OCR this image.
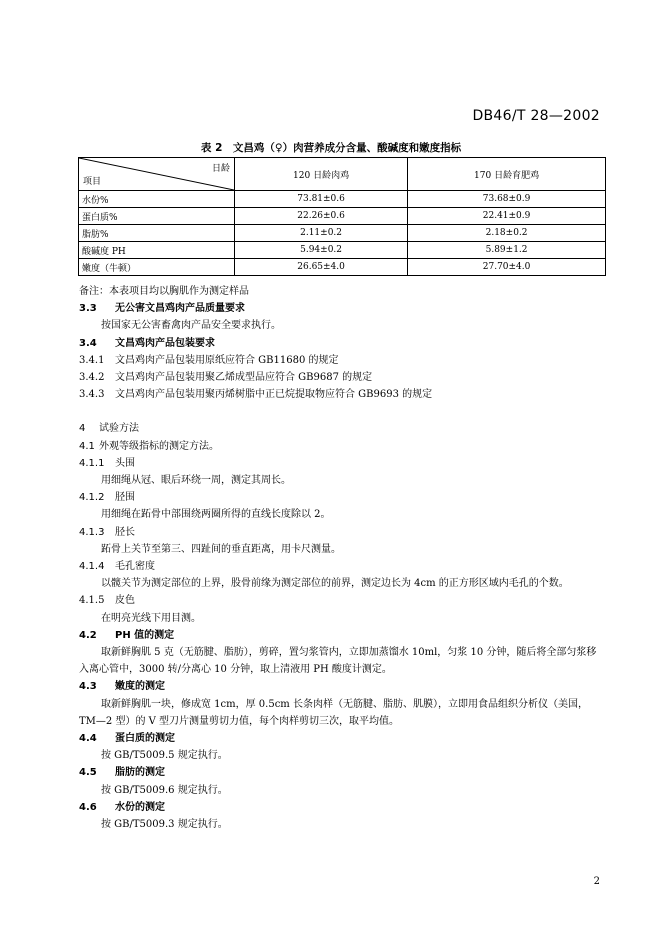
DB46/T 28—2002
表 2　文昌鸡（♀）肉营养成分含量、酸碱度和嫩度指标
日龄
项目	120 日龄肉鸡	170 日龄育肥鸡
水份%	73.81±0.6	73.68±0.9
蛋白质%	22.26±0.6	22.41±0.9
脂肪%	2.11±0.2	2.18±0.2
酸碱度 PH	5.94±0.2	5.89±1.2
嫩度（牛顿）	26.65±4.0	27.70±4.0

备注：本表项目均以胸肌作为测定样品

3.3 无公害文昌鸡肉产品质量要求

按国家无公害畜禽肉产品安全要求执行。

3.4 文昌鸡肉产品包装要求

3.4.1 文昌鸡肉产品包装用原纸应符合 GB11680 的规定

3.4.2 文昌鸡肉产品包装用聚乙烯成型品应符合 GB9687 的规定

3.4.3 文昌鸡肉产品包装用聚丙烯树脂中正已烷提取物应符合 GB9693 的规定

4 试验方法

4.1 外观等级指标的测定方法。

4.1.1 头围

用细绳从冠、眼后环绕一周，测定其周长。

4.1.2 胫围

用细绳在跖骨中部围绕两圈所得的直线长度除以 2。

4.1.3 胫长

跖骨上关节至第三、四趾间的垂直距离，用卡尺测量。

4.1.4 毛孔密度

以髋关节为测定部位的上界，股骨前缘为测定部位的前界，测定边长为 4cm 的正方形区域内毛孔的个数。

4.1.5 皮色

在明亮光线下用目测。

4.2 PH 值的测定

取新鲜胸肌 5 克（无筋腱、脂肪），剪碎，置匀浆管内，立即加蒸馏水 10ml，匀浆 10 分钟，随后将全部匀浆移入离心管中，3000 转/分离心 10 分钟，取上清液用 PH 酸度计测定。

4.3 嫩度的测定

取新鲜胸肌一块，修成宽 1cm，厚 0.5cm 长条肉样（无筋腱、脂肪、肌膜），立即用食品组织分析仪（美国，TM—2 型）的 V 型刀片测量剪切力值，每个肉样剪切三次，取平均值。

4.4 蛋白质的测定

按 GB/T5009.5 规定执行。

4.5 脂肪的测定

按 GB/T5009.6 规定执行。

4.6 水份的测定

按 GB/T5009.3 规定执行。

2
